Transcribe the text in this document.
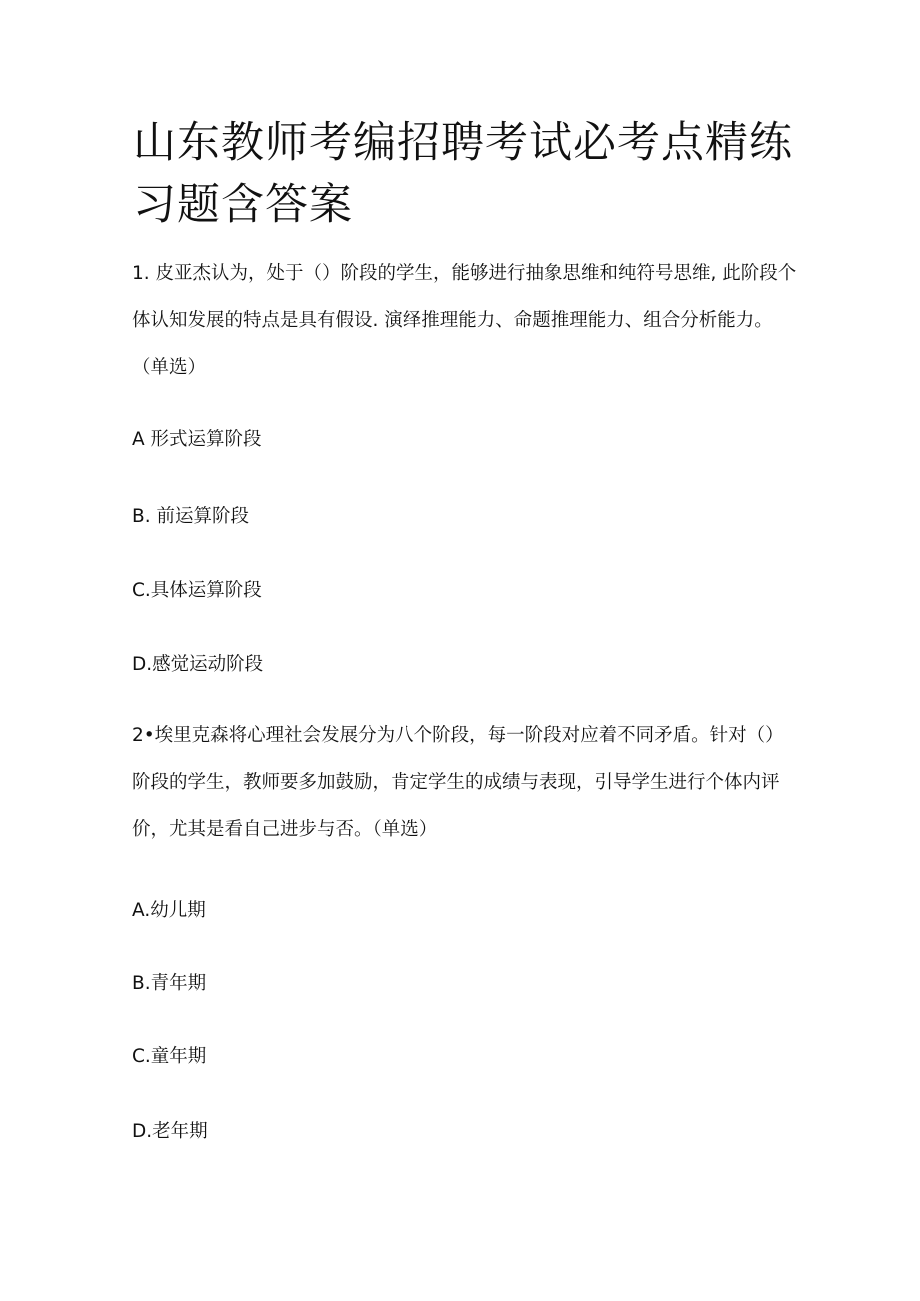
山东教师考编招聘考试必考点精练习题含答案

1. 皮亚杰认为，处于（）阶段的学生，能够进行抽象思维和纯符号思维, 此阶段个体认知发展的特点是具有假设. 演绎推理能力、命题推理能力、组合分析能力。（单选）

A 形式运算阶段

B. 前运算阶段

C.具体运算阶段

D.感觉运动阶段

2•埃里克森将心理社会发展分为八个阶段，每一阶段对应着不同矛盾。针对（）阶段的学生，教师要多加鼓励，肯定学生的成绩与表现，引导学生进行个体内评价，尤其是看自己进步与否。（单选）

A.幼儿期

B.青年期

C.童年期

D.老年期
